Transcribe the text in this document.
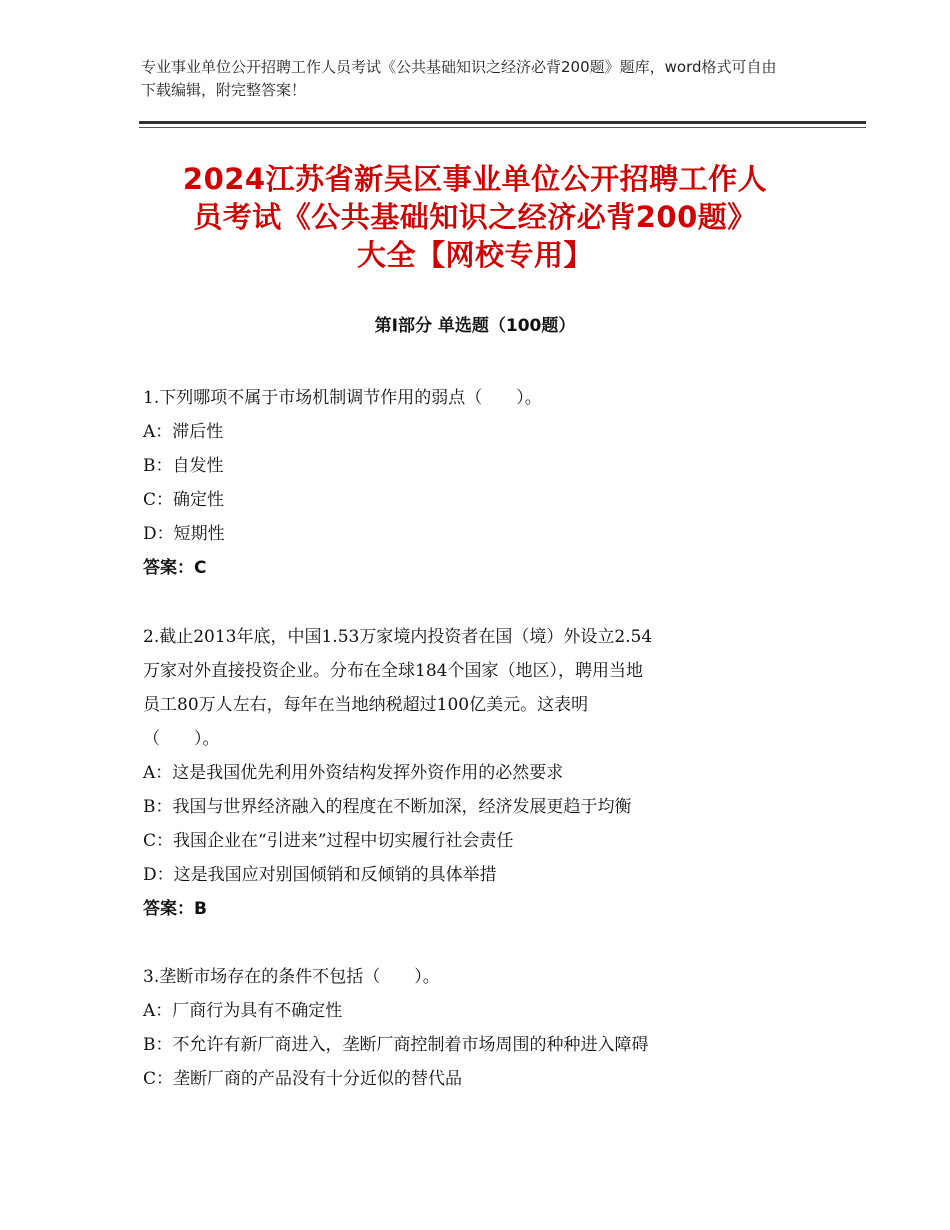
专业事业单位公开招聘工作人员考试《公共基础知识之经济必背200题》题库，word格式可自由下载编辑，附完整答案！
2024江苏省新吴区事业单位公开招聘工作人
员考试《公共基础知识之经济必背200题》
大全【网校专用】
第Ⅰ部分 单选题（100题）
1.下列哪项不属于市场机制调节作用的弱点（　　）。
A：滞后性
B：自发性
C：确定性
D：短期性
答案：C
2.截止2013年底，中国1.53万家境内投资者在国（境）外设立2.54
万家对外直接投资企业。分布在全球184个国家（地区），聘用当地
员工80万人左右，每年在当地纳税超过100亿美元。这表明
（　　）。
A：这是我国优先利用外资结构发挥外资作用的必然要求
B：我国与世界经济融入的程度在不断加深，经济发展更趋于均衡
C：我国企业在“引进来”过程中切实履行社会责任
D：这是我国应对别国倾销和反倾销的具体举措
答案：B
3.垄断市场存在的条件不包括（　　）。
A：厂商行为具有不确定性
B：不允许有新厂商进入，垄断厂商控制着市场周围的种种进入障碍
C：垄断厂商的产品没有十分近似的替代品
